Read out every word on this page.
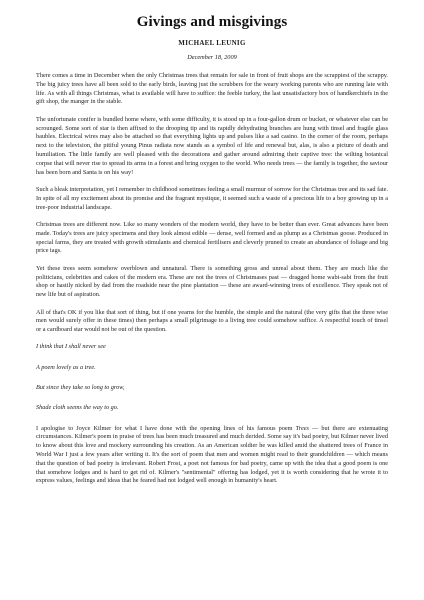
Givings and misgivings
MICHAEL LEUNIG
December 18, 2009

There comes a time in December when the only Christmas trees that remain for sale in front of fruit shops are the scrappiest of the scrappy. The big juicy trees have all been sold to the early birds, leaving just the scrubbers for the weary working parents who are running late with life. As with all things Christmas, what is available will have to suffice: the feeble turkey, the last unsatisfactory box of handkerchiefs in the gift shop, the manger in the stable.

The unfortunate conifer is bundled home where, with some difficulty, it is stood up in a four-gallon drum or bucket, or whatever else can be scrounged. Some sort of star is then affixed to the drooping tip and its rapidly dehydrating branches are hung with tinsel and fragile glass baubles. Electrical wires may also be attached so that everything lights up and pulses like a sad casino. In the corner of the room, perhaps next to the television, the pitiful young Pinus radiata now stands as a symbol of life and renewal but, alas, is also a picture of death and humiliation. The little family are well pleased with the decorations and gather around admiring their captive tree: the wilting botanical corpse that will never rise to spread its arms in a forest and bring oxygen to the world. Who needs trees — the family is together, the saviour has been born and Santa is on his way!

Such a bleak interpretation, yet I remember in childhood sometimes feeling a small murmur of sorrow for the Christmas tree and its sad fate. In spite of all my excitement about its promise and the fragrant mystique, it seemed such a waste of a precious life to a boy growing up in a tree-poor industrial landscape.

Christmas trees are different now. Like so many wonders of the modern world, they have to be better than ever. Great advances have been made. Today's trees are juicy specimens and they look almost edible — dense, well formed and as plump as a Christmas goose. Produced in special farms, they are treated with growth stimulants and chemical fertilisers and cleverly pruned to create an abundance of foliage and big price tags.

Yet these trees seem somehow overblown and unnatural. There is something gross and unreal about them. They are much like the politicians, celebrities and cakes of the modern era. These are not the trees of Christmases past — dragged home wabi-sabi from the fruit shop or hastily nicked by dad from the roadside near the pine plantation — these are award-winning trees of excellence. They speak not of new life but of aspiration.

All of that's OK if you like that sort of thing, but if one yearns for the humble, the simple and the natural (the very gifts that the three wise men would surely offer in these times) then perhaps a small pilgrimage to a living tree could somehow suffice. A respectful touch of tinsel or a cardboard star would not be out of the question.

I think that I shall never see

A poem lovely as a tree.

But since they take so long to grow,

Shade cloth seems the way to go.

I apologise to Joyce Kilmer for what I have done with the opening lines of his famous poem Trees — but there are extenuating circumstances. Kilmer's poem in praise of trees has been much treasured and much derided. Some say it's bad poetry, but Kilmer never lived to know about this love and mockery surrounding his creation. As an American soldier he was killed amid the shattered trees of France in World War I just a few years after writing it. It's the sort of poem that men and women might read to their grandchildren — which means that the question of bad poetry is irrelevant. Robert Frost, a poet not famous for bad poetry, came up with the idea that a good poem is one that somehow lodges and is hard to get rid of. Kilmer's "sentimental" offering has lodged, yet it is worth considering that he wrote it to express values, feelings and ideas that he feared had not lodged well enough in humanity's heart.
